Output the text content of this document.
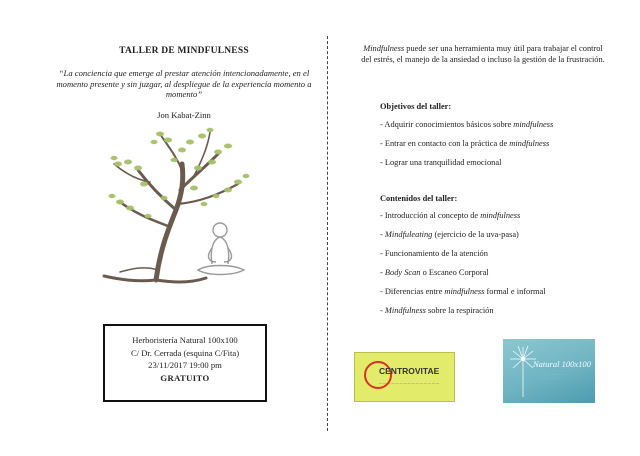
TALLER DE MINDFULNESS

“La conciencia que emerge al prestar atención intencionadamente, en el momento presente y sin juzgar, al despliegue de la experiencia momento a momento”

Jon Kabat-Zinn
Herboristería Natural 100x100
C/ Dr. Cerrada (esquina C/Fita)
23/11/2017 19:00 pm
GRATUITO

Mindfulness puede ser una herramienta muy útil para trabajar el control del estrés, el manejo de la ansiedad o incluso la gestión de la frustración.

Objetivos del taller:
- Adquirir conocimientos básicos sobre mindfulness
- Entrar en contacto con la práctica de mindfulness
- Lograr una tranquilidad emocional
Contenidos del taller:
- Introducción al concepto de mindfulness
- Mindfuleating (ejercicio de la uva-pasa)
- Funcionamiento de la atención
- Body Scan o Escaneo Corporal
- Diferencias entre mindfulness formal e informal
- Mindfulness sobre la respiración
CENTROVITAE
— — — — — — — — — — — — — — —
Natural 100x100
· · · · · · · · · · · · · · · · · ·
· · · · · · · · · · · · · · ·
